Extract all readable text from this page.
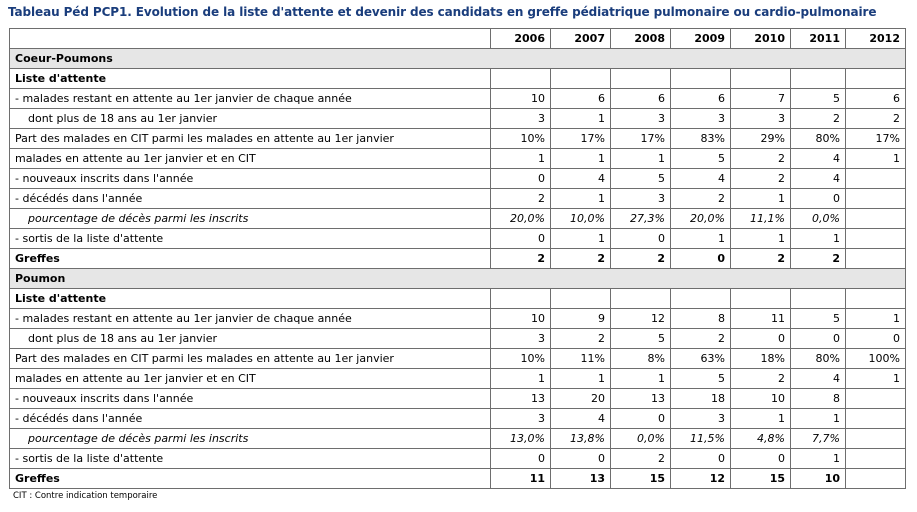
Tableau Péd PCP1. Evolution de la liste d'attente et devenir des candidats en greffe pédiatrique pulmonaire ou cardio-pulmonaire
	2006	2007	2008	2009	2010	2011	2012
Coeur-Poumons							
Liste d'attente							
- malades restant en attente au 1er janvier de chaque année	10	6	6	6	7	5	6
dont plus de 18 ans au 1er janvier	3	1	3	3	3	2	2
Part des malades en CIT parmi les malades en attente au 1er janvier	10%	17%	17%	83%	29%	80%	17%
malades en attente au 1er janvier et en CIT	1	1	1	5	2	4	1
- nouveaux inscrits dans l'année	0	4	5	4	2	4	
- décédés dans l'année	2	1	3	2	1	0	
pourcentage de décès parmi les inscrits	20,0%	10,0%	27,3%	20,0%	11,1%	0,0%	
- sortis de la liste d'attente	0	1	0	1	1	1	
Greffes	2	2	2	0	2	2	
Poumon							
Liste d'attente							
- malades restant en attente au 1er janvier de chaque année	10	9	12	8	11	5	1
dont plus de 18 ans au 1er janvier	3	2	5	2	0	0	0
Part des malades en CIT parmi les malades en attente au 1er janvier	10%	11%	8%	63%	18%	80%	100%
malades en attente au 1er janvier et en CIT	1	1	1	5	2	4	1
- nouveaux inscrits dans l'année	13	20	13	18	10	8	
- décédés dans l'année	3	4	0	3	1	1	
pourcentage de décès parmi les inscrits	13,0%	13,8%	0,0%	11,5%	4,8%	7,7%	
- sortis de la liste d'attente	0	0	2	0	0	1	
Greffes	11	13	15	12	15	10	
CIT : Contre indication temporaire
